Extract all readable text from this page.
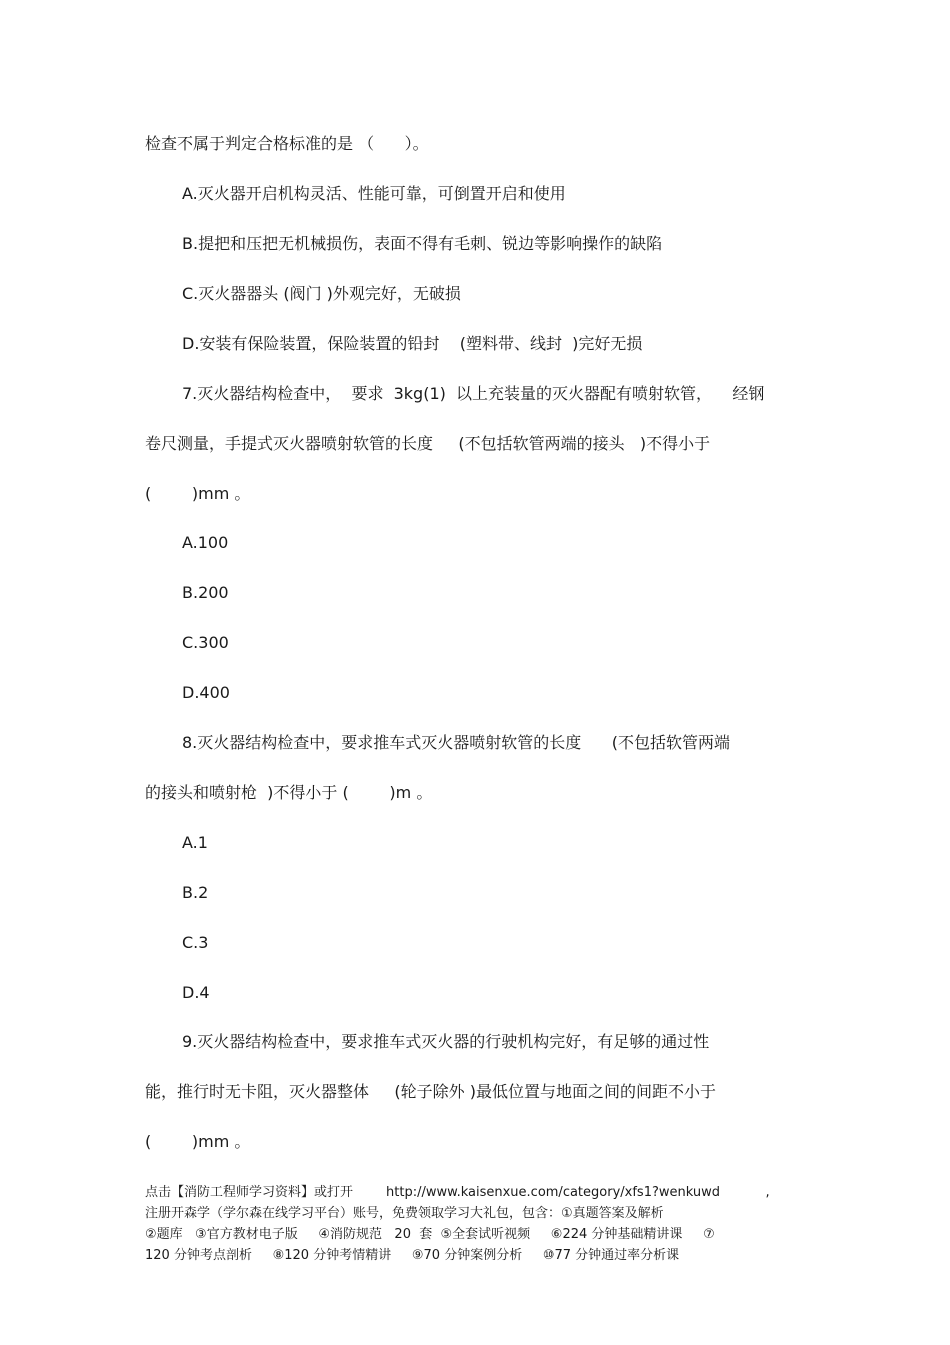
检查不属于判定合格标准的是 （      ）。

A.灭火器开启机构灵活、性能可靠，可倒置开启和使用

B.提把和压把无机械损伤，表面不得有毛刺、锐边等影响操作的缺陷

C.灭火器器头 (阀门 )外观完好，无破损

D.安装有保险装置，保险装置的铅封    (塑料带、线封  )完好无损

7.灭火器结构检查中，  要求  3kg(1)  以上充装量的灭火器配有喷射软管，    经钢

卷尺测量，手提式灭火器喷射软管的长度     (不包括软管两端的接头   )不得小于

(        )mm 。

A.100

B.200

C.300

D.400

8.灭火器结构检查中，要求推车式灭火器喷射软管的长度      (不包括软管两端

的接头和喷射枪  )不得小于 (        )m 。

A.1

B.2

C.3

D.4

9.灭火器结构检查中，要求推车式灭火器的行驶机构完好，有足够的通过性

能，推行时无卡阻，灭火器整体     (轮子除外 )最低位置与地面之间的间距不小于

(        )mm 。

点击【消防工程师学习资料】或打开        http://www.kaisenxue.com/category/xfs1?wenkuwd           ,

注册开森学（学尔森在线学习平台）账号，免费领取学习大礼包，包含：①真题答案及解析

②题库   ③官方教材电子版     ④消防规范   20  套  ⑤全套试听视频     ⑥224 分钟基础精讲课     ⑦

120 分钟考点剖析     ⑧120 分钟考情精讲     ⑨70 分钟案例分析     ⑩77 分钟通过率分析课
